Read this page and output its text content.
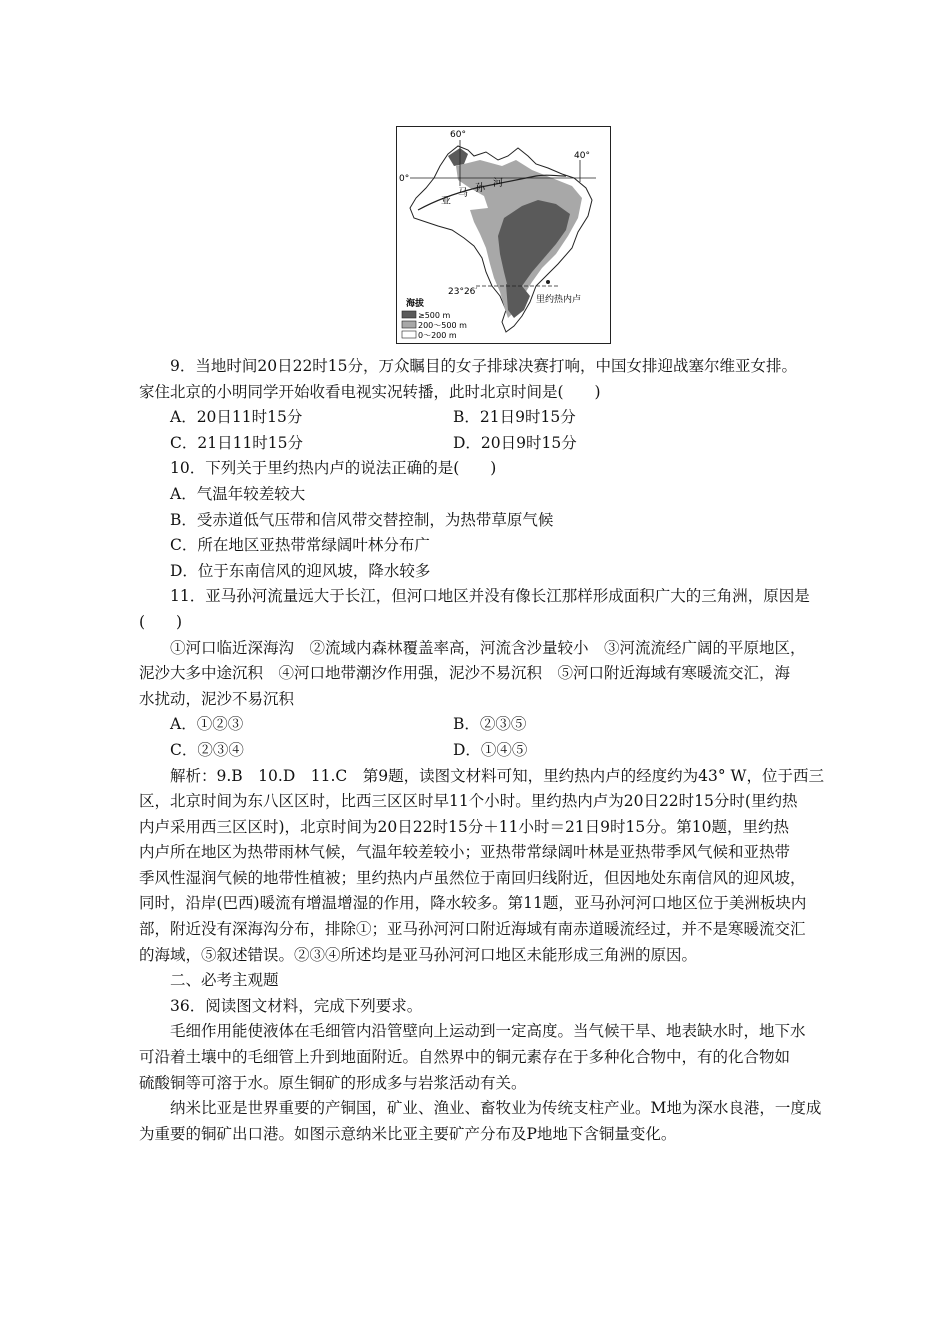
60°
40°
0°
亚
马 孙 河
23°26′
里约热内卢
海拔
≥500 m
200～500 m
0～200 m

9．当地时间20日22时15分，万众瞩目的女子排球决赛打响，中国女排迎战塞尔维亚女排。

家住北京的小明同学开始收看电视实况转播，此时北京时间是(　　)

A．20日11时15分	B．21日9时15分
C．21日11时15分	D．20日9时15分

10．下列关于里约热内卢的说法正确的是(　　)

A．气温年较差较大

B．受赤道低气压带和信风带交替控制，为热带草原气候

C．所在地区亚热带常绿阔叶林分布广

D．位于东南信风的迎风坡，降水较多

11．亚马孙河流量远大于长江，但河口地区并没有像长江那样形成面积广大的三角洲，原因是

(　　)

①河口临近深海沟　②流域内森林覆盖率高，河流含沙量较小　③河流流经广阔的平原地区，

泥沙大多中途沉积　④河口地带潮汐作用强，泥沙不易沉积　⑤河口附近海域有寒暖流交汇，海

水扰动，泥沙不易沉积

A．①②③	B．②③⑤
C．②③④	D．①④⑤

解析：9.B　10.D　11.C　第9题，读图文材料可知，里约热内卢的经度约为43° W，位于西三

区，北京时间为东八区区时，比西三区区时早11个小时。里约热内卢为20日22时15分时(里约热

内卢采用西三区区时)，北京时间为20日22时15分＋11小时＝21日9时15分。第10题，里约热

内卢所在地区为热带雨林气候，气温年较差较小；亚热带常绿阔叶林是亚热带季风气候和亚热带

季风性湿润气候的地带性植被；里约热内卢虽然位于南回归线附近，但因地处东南信风的迎风坡，

同时，沿岸(巴西)暖流有增温增湿的作用，降水较多。第11题，亚马孙河河口地区位于美洲板块内

部，附近没有深海沟分布，排除①；亚马孙河河口附近海域有南赤道暖流经过，并不是寒暖流交汇

的海域，⑤叙述错误。②③④所述均是亚马孙河河口地区未能形成三角洲的原因。

二、必考主观题

36．阅读图文材料，完成下列要求。

毛细作用能使液体在毛细管内沿管壁向上运动到一定高度。当气候干旱、地表缺水时，地下水

可沿着土壤中的毛细管上升到地面附近。自然界中的铜元素存在于多种化合物中，有的化合物如

硫酸铜等可溶于水。原生铜矿的形成多与岩浆活动有关。

纳米比亚是世界重要的产铜国，矿业、渔业、畜牧业为传统支柱产业。M地为深水良港，一度成

为重要的铜矿出口港。如图示意纳米比亚主要矿产分布及P地地下含铜量变化。
